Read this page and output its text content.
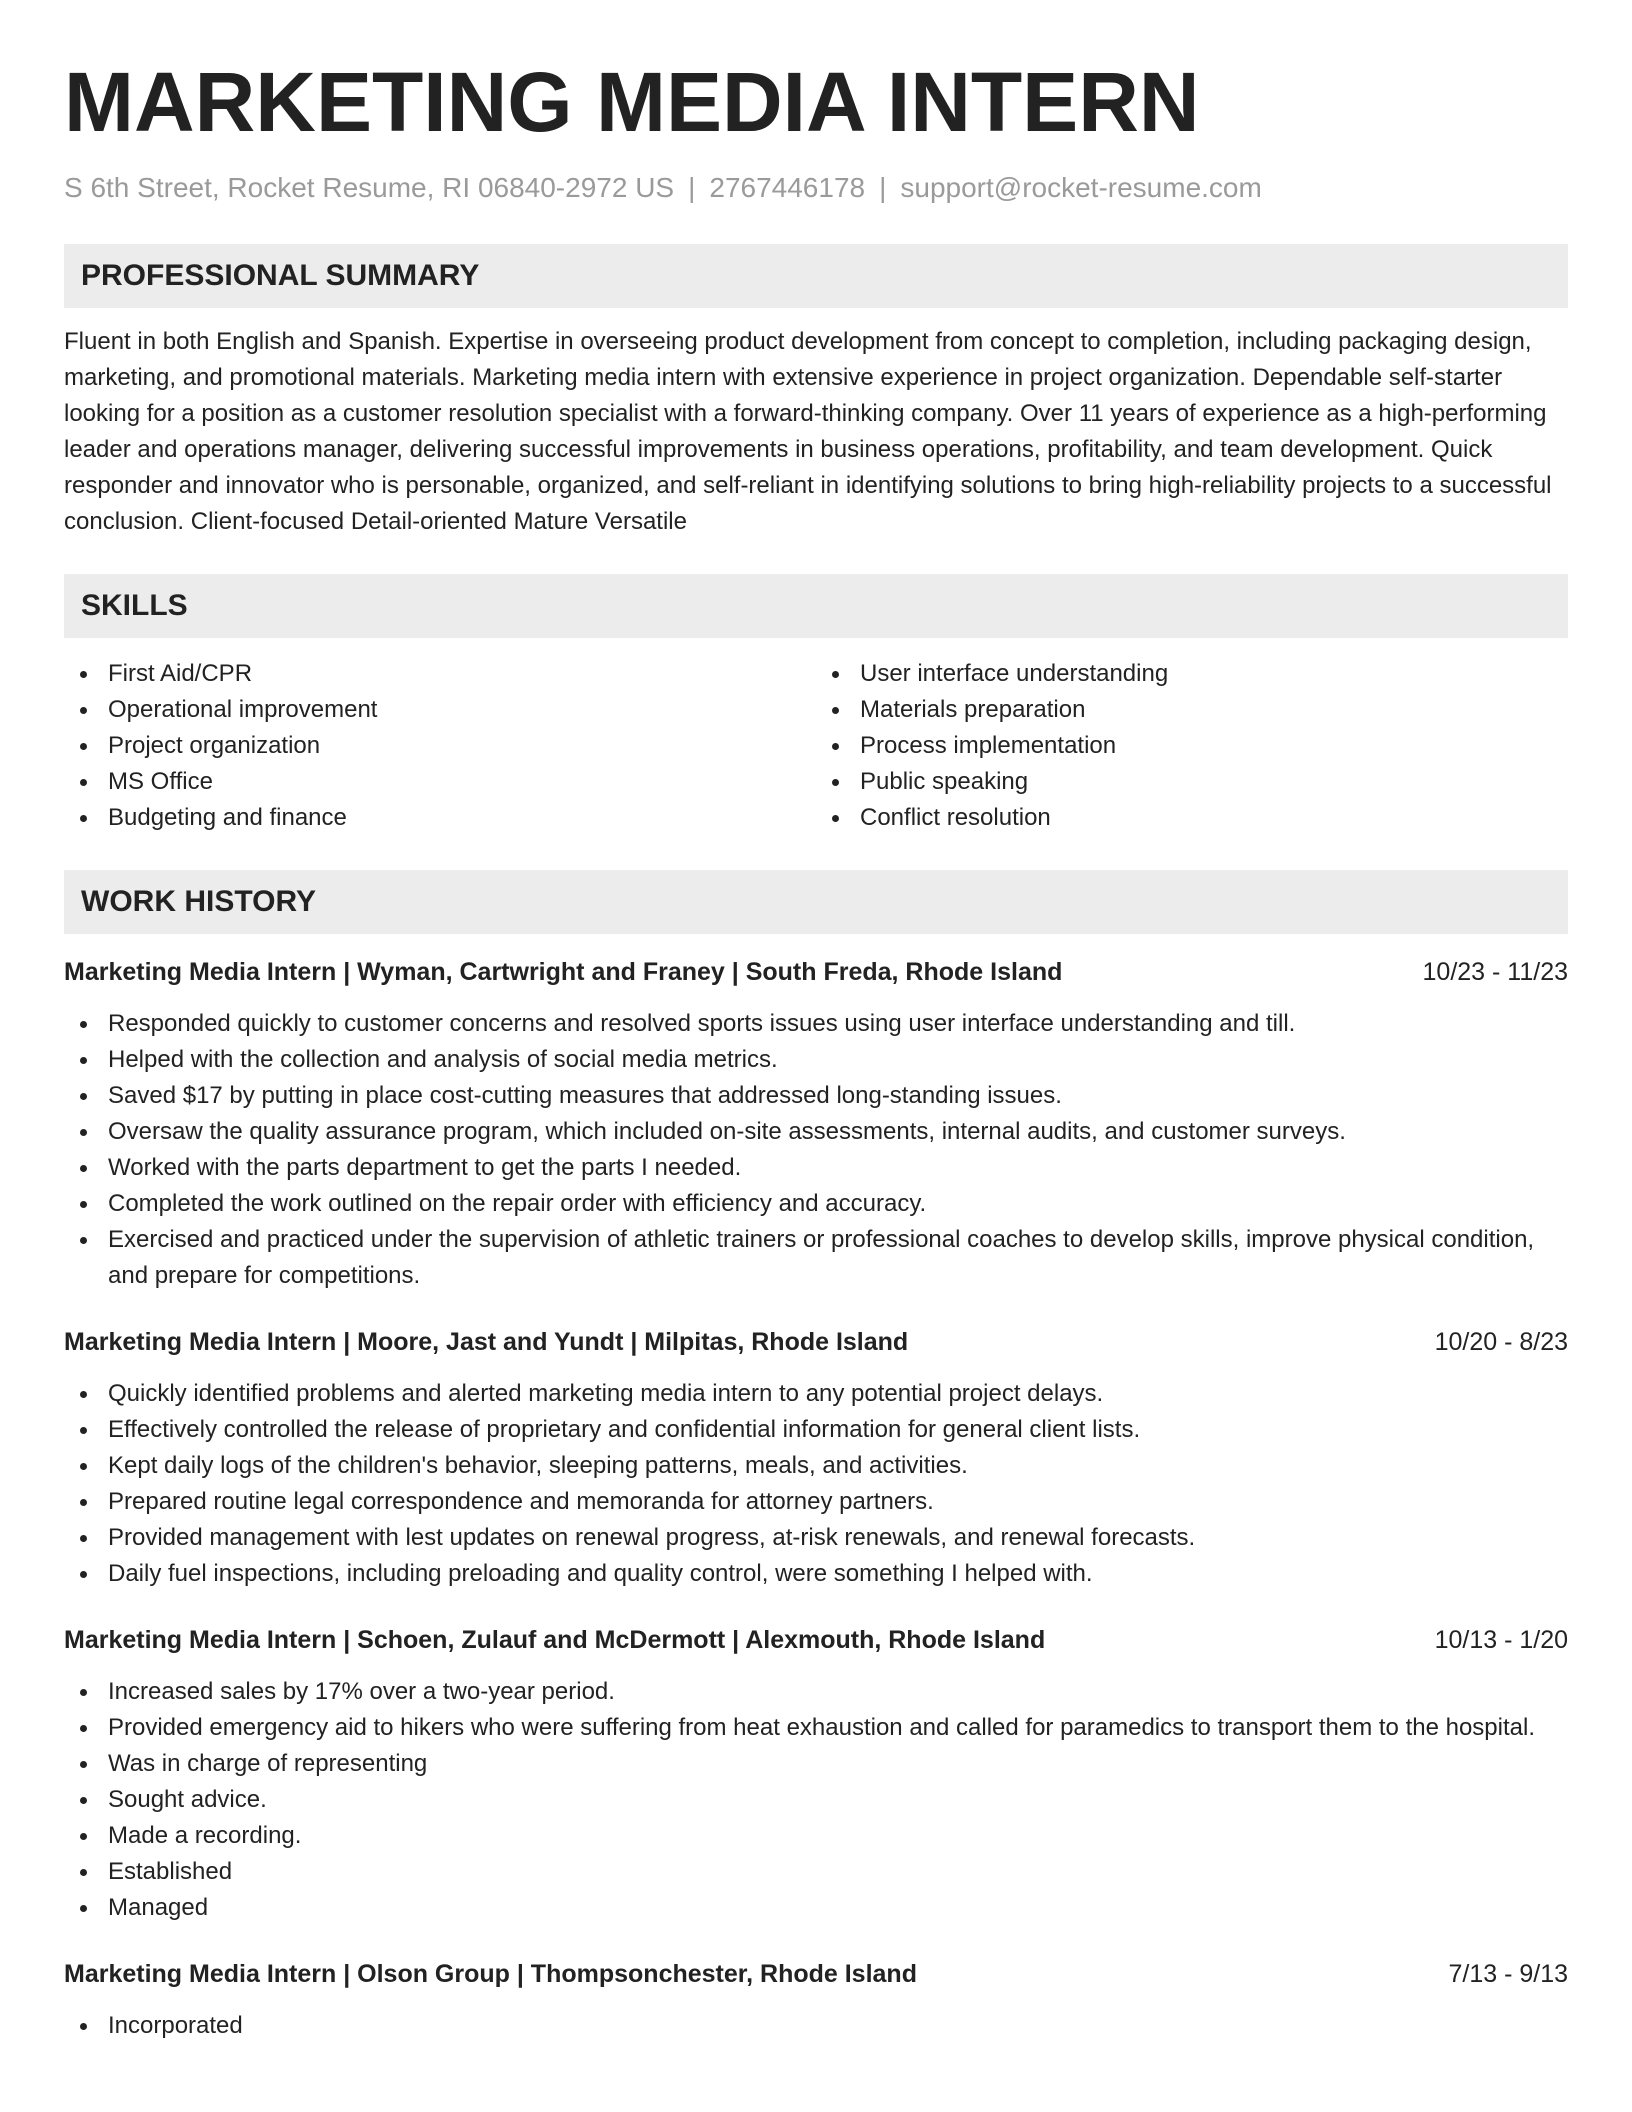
MARKETING MEDIA INTERN
S 6th Street, Rocket Resume, RI 06840-2972 US | 2767446178 | support@rocket-resume.com
PROFESSIONAL SUMMARY
Fluent in both English and Spanish. Expertise in overseeing product development from concept to completion, including packaging design, marketing, and promotional materials. Marketing media intern with extensive experience in project organization. Dependable self-starter looking for a position as a customer resolution specialist with a forward-thinking company. Over 11 years of experience as a high-performing leader and operations manager, delivering successful improvements in business operations, profitability, and team development. Quick responder and innovator who is personable, organized, and self-reliant in identifying solutions to bring high-reliability projects to a successful conclusion. Client-focused Detail-oriented Mature Versatile
SKILLS
First Aid/CPR
Operational improvement
Project organization
MS Office
Budgeting and finance
User interface understanding
Materials preparation
Process implementation
Public speaking
Conflict resolution
WORK HISTORY
Marketing Media Intern | Wyman, Cartwright and Franey | South Freda, Rhode Island	10/23 - 11/23
Responded quickly to customer concerns and resolved sports issues using user interface understanding and till.
Helped with the collection and analysis of social media metrics.
Saved $17 by putting in place cost-cutting measures that addressed long-standing issues.
Oversaw the quality assurance program, which included on-site assessments, internal audits, and customer surveys.
Worked with the parts department to get the parts I needed.
Completed the work outlined on the repair order with efficiency and accuracy.
Exercised and practiced under the supervision of athletic trainers or professional coaches to develop skills, improve physical condition, and prepare for competitions.
Marketing Media Intern | Moore, Jast and Yundt | Milpitas, Rhode Island	10/20 - 8/23
Quickly identified problems and alerted marketing media intern to any potential project delays.
Effectively controlled the release of proprietary and confidential information for general client lists.
Kept daily logs of the children's behavior, sleeping patterns, meals, and activities.
Prepared routine legal correspondence and memoranda for attorney partners.
Provided management with lest updates on renewal progress, at-risk renewals, and renewal forecasts.
Daily fuel inspections, including preloading and quality control, were something I helped with.
Marketing Media Intern | Schoen, Zulauf and McDermott | Alexmouth, Rhode Island	10/13 - 1/20
Increased sales by 17% over a two-year period.
Provided emergency aid to hikers who were suffering from heat exhaustion and called for paramedics to transport them to the hospital.
Was in charge of representing
Sought advice.
Made a recording.
Established
Managed
Marketing Media Intern | Olson Group | Thompsonchester, Rhode Island	7/13 - 9/13
Incorporated
